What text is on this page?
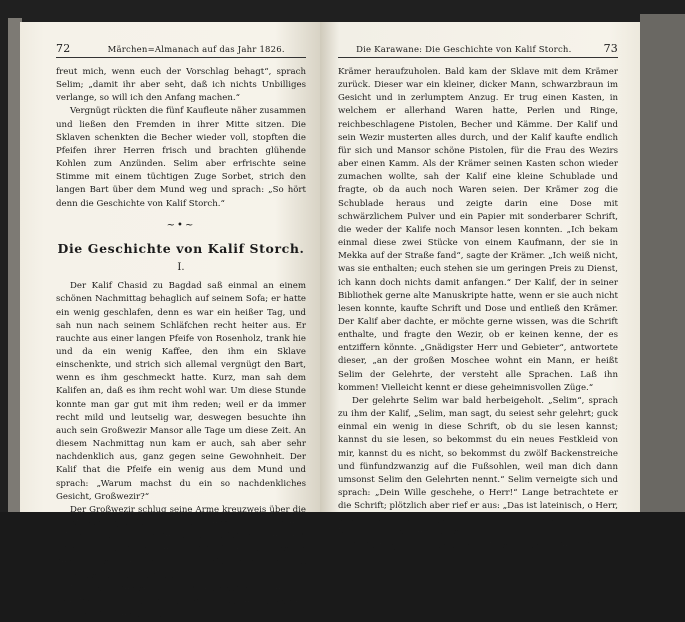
72	Märchen=Almanach auf das Jahr 1826.

freut mich, wenn euch der Vorschlag behagt“, sprach Selim; „damit ihr aber seht, daß ich nichts Unbilliges verlange, so will ich den Anfang machen.“

Vergnügt rückten die fünf Kaufleute näher zusammen und ließen den Fremden in ihrer Mitte sitzen. Die Sklaven schenkten die Becher wieder voll, stopften die Pfeifen ihrer Herren frisch und brachten glühende Kohlen zum Anzünden. Selim aber erfrischte seine Stimme mit einem tüchtigen Zuge Sorbet, strich den langen Bart über dem Mund weg und sprach: „So hört denn die Geschichte von Kalif Storch.“

~•~
Die Geschichte von Kalif Storch.
I.

Der Kalif Chasid zu Bagdad saß einmal an einem schönen Nachmittag behaglich auf seinem Sofa; er hatte ein wenig geschlafen, denn es war ein heißer Tag, und sah nun nach seinem Schläfchen recht heiter aus. Er rauchte aus einer langen Pfeife von Rosenholz, trank hie und da ein wenig Kaffee, den ihm ein Sklave einschenkte, und strich sich allemal vergnügt den Bart, wenn es ihm geschmeckt hatte. Kurz, man sah dem Kalifen an, daß es ihm recht wohl war. Um diese Stunde konnte man gar gut mit ihm reden; weil er da immer recht mild und leutselig war, deswegen besuchte ihn auch sein Großwezir Mansor alle Tage um diese Zeit. An diesem Nachmittag nun kam er auch, sah aber sehr nachdenklich aus, ganz gegen seine Gewohnheit. Der Kalif that die Pfeife ein wenig aus dem Mund und sprach: „Warum machst du ein so nachdenkliches Gesicht, Großwezir?“

Der Großwezir schlug seine Arme kreuzweis über die Brust, verneigte sich vor seinem Herrn und antwortete: „Herr, ob ich ein nachdenkliches Gesicht mache, weiß ich nicht; aber da drunten am Schloß steht ein Krämer, der hat so schöne Sachen, daß es mich ärgert, nicht viel überflüssiges Geld zu haben.“

Der Kalif, der seinem Großwezir schon lange gern eine Freude gemacht hätte, schickte seinen schwarzen Sklaven hinunter, um den

Die Karawane: Die Geschichte von Kalif Storch.	73

Krämer heraufzuholen. Bald kam der Sklave mit dem Krämer zurück. Dieser war ein kleiner, dicker Mann, schwarzbraun im Gesicht und in zerlumptem Anzug. Er trug einen Kasten, in welchem er allerhand Waren hatte, Perlen und Ringe, reichbeschlagene Pistolen, Becher und Kämme. Der Kalif und sein Wezir musterten alles durch, und der Kalif kaufte endlich für sich und Mansor schöne Pistolen, für die Frau des Wezirs aber einen Kamm. Als der Krämer seinen Kasten schon wieder zumachen wollte, sah der Kalif eine kleine Schublade und fragte, ob da auch noch Waren seien. Der Krämer zog die Schublade heraus und zeigte darin eine Dose mit schwärzlichem Pulver und ein Papier mit sonderbarer Schrift, die weder der Kalife noch Mansor lesen konnten. „Ich bekam einmal diese zwei Stücke von einem Kaufmann, der sie in Mekka auf der Straße fand“, sagte der Krämer. „Ich weiß nicht, was sie enthalten; euch stehen sie um geringen Preis zu Dienst, ich kann doch nichts damit anfangen.“ Der Kalif, der in seiner Bibliothek gerne alte Manuskripte hatte, wenn er sie auch nicht lesen konnte, kaufte Schrift und Dose und entließ den Krämer. Der Kalif aber dachte, er möchte gerne wissen, was die Schrift enthalte, und fragte den Wezir, ob er keinen kenne, der es entziffern könnte. „Gnädigster Herr und Gebieter“, antwortete dieser, „an der großen Moschee wohnt ein Mann, er heißt Selim der Gelehrte, der versteht alle Sprachen. Laß ihn kommen! Vielleicht kennt er diese geheimnisvollen Züge.“

Der gelehrte Selim war bald herbeigeholt. „Selim“, sprach zu ihm der Kalif, „Selim, man sagt, du seiest sehr gelehrt; guck einmal ein wenig in diese Schrift, ob du sie lesen kannst; kannst du sie lesen, so bekommst du ein neues Festkleid von mir, kannst du es nicht, so bekommst du zwölf Backenstreiche und fünfundzwanzig auf die Fußsohlen, weil man dich dann umsonst Selim den Gelehrten nennt.“ Selim verneigte sich und sprach: „Dein Wille geschehe, o Herr!“ Lange betrachtete er die Schrift; plötzlich aber rief er aus: „Das ist lateinisch, o Herr, oder ich laß mich hängen.“ — „Sag, was drin steht“, befahl der Kalif, „wenn es lateinisch ist.“

Selim fing an zu übersetzen: „Mensch, der du dieses findest,
